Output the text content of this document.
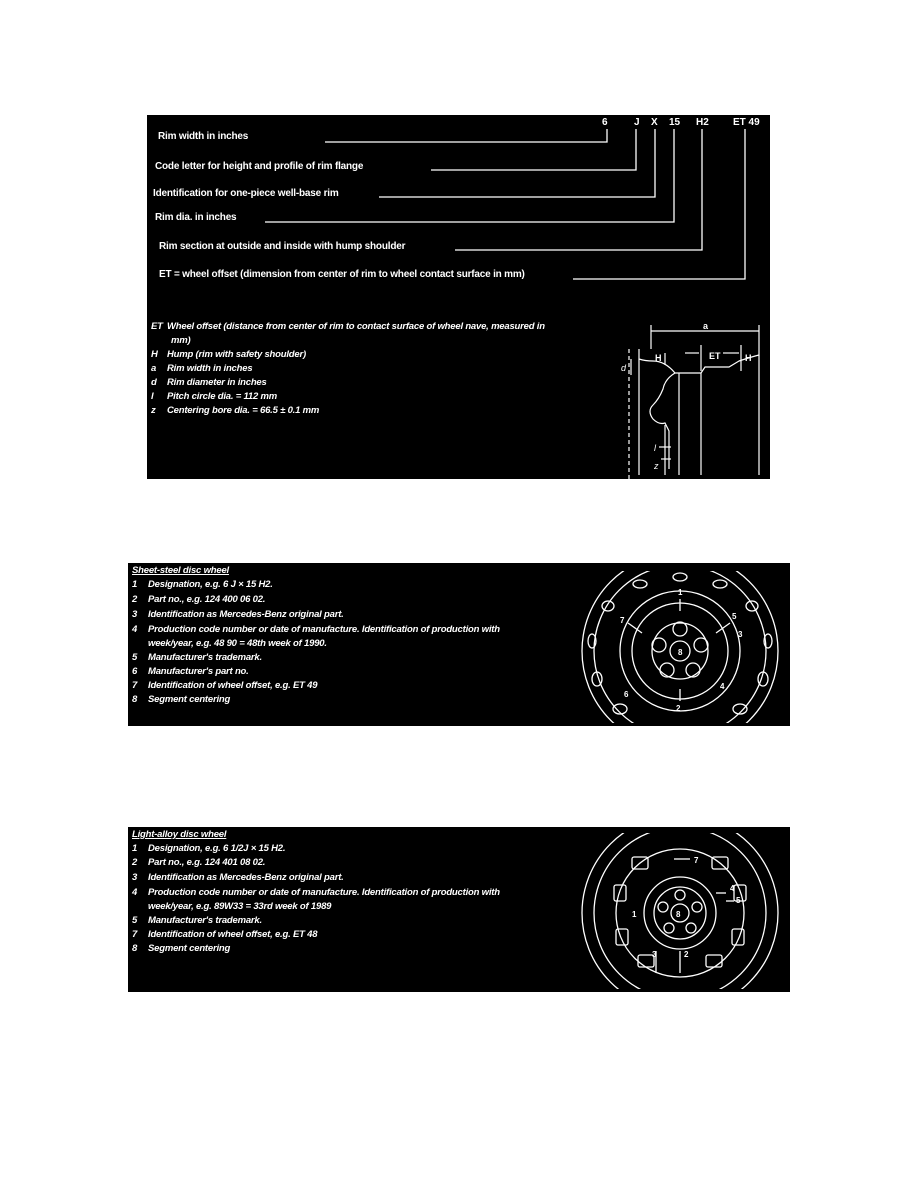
6	J X 15 H2 ET 49
Rim width in inches
Code letter for height and profile of rim flange
Identification for one-piece well-base rim
Rim dia. in inches
Rim section at outside and inside with hump shoulder
ET = wheel offset (dimension from center of rim to wheel contact surface in mm)
ET Wheel offset (distance from center of rim to contact surface of wheel nave, measured in
mm)
H Hump (rim with safety shoulder)
a	Rim width in inches
d	Rim diameter in inches
l	Pitch circle dia. = 112 mm
z	Centering bore dia. = 66.5 ± 0.1 mm
a
H	ET	H
d
l
z
Sheet-steel disc wheel
1	Designation, e.g. 6 J × 15 H2.
2	Part no., e.g. 124 400 06 02.
3	Identification as Mercedes-Benz original part.
4	Production code number or date of manufacture. Identification of production with
week/year, e.g. 48 90 = 48th week of 1990.
5	Manufacturer's trademark.
6	Manufacturer's part no.
7	Identification of wheel offset, e.g. ET 49
8	Segment centering
1
2
3
4
5
6
7
8
Light-alloy disc wheel
1	Designation, e.g. 6 1/2J × 15 H2.
2	Part no., e.g. 124 401 08 02.
3	Identification as Mercedes-Benz original part.
4	Production code number or date of manufacture. Identification of production with
week/year, e.g. 89W33 = 33rd week of 1989
5	Manufacturer's trademark.
7	Identification of wheel offset, e.g. ET 48
8	Segment centering
1
2
3
4
5
7
8
